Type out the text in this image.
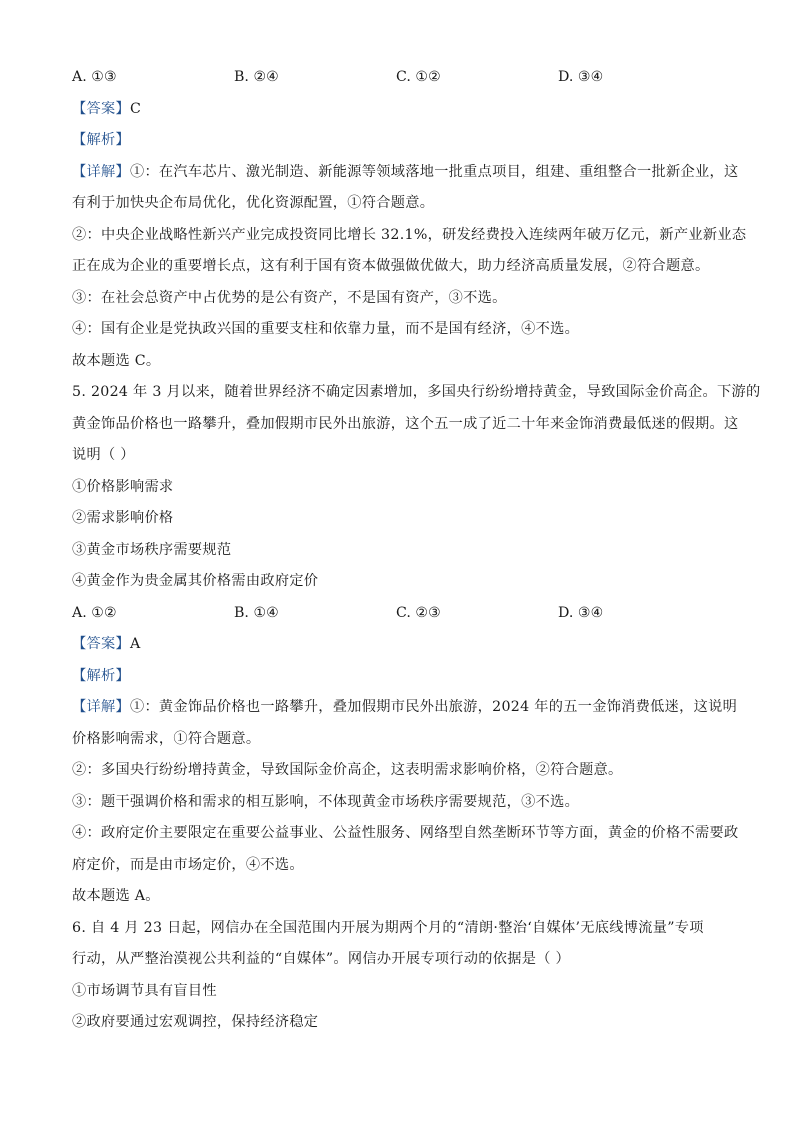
A. ①③	B. ②④	C. ①②	D. ③④
【答案】C
【解析】
【详解】①：在汽车芯片、激光制造、新能源等领域落地一批重点项目，组建、重组整合一批新企业，这
有利于加快央企布局优化，优化资源配置，①符合题意。
②：中央企业战略性新兴产业完成投资同比增长 32.1%，研发经费投入连续两年破万亿元，新产业新业态
正在成为企业的重要增长点，这有利于国有资本做强做优做大，助力经济高质量发展，②符合题意。
③：在社会总资产中占优势的是公有资产，不是国有资产，③不选。
④：国有企业是党执政兴国的重要支柱和依靠力量，而不是国有经济，④不选。
故本题选 C。
5. 2024 年 3 月以来，随着世界经济不确定因素增加，多国央行纷纷增持黄金，导致国际金价高企。下游的
黄金饰品价格也一路攀升，叠加假期市民外出旅游，这个五一成了近二十年来金饰消费最低迷的假期。这
说明（ ）
①价格影响需求
②需求影响价格
③黄金市场秩序需要规范
④黄金作为贵金属其价格需由政府定价
A. ①②	B. ①④	C. ②③	D. ③④
【答案】A
【解析】
【详解】①：黄金饰品价格也一路攀升，叠加假期市民外出旅游，2024 年的五一金饰消费低迷，这说明
价格影响需求，①符合题意。
②：多国央行纷纷增持黄金，导致国际金价高企，这表明需求影响价格，②符合题意。
③：题干强调价格和需求的相互影响，不体现黄金市场秩序需要规范，③不选。
④：政府定价主要限定在重要公益事业、公益性服务、网络型自然垄断环节等方面，黄金的价格不需要政
府定价，而是由市场定价，④不选。
故本题选 A。
6. 自 4 月 23 日起，网信办在全国范围内开展为期两个月的“清朗·整治‘自媒体’无底线博流量”专项
行动，从严整治漠视公共利益的“自媒体”。网信办开展专项行动的依据是（ ）
①市场调节具有盲目性
②政府要通过宏观调控，保持经济稳定
